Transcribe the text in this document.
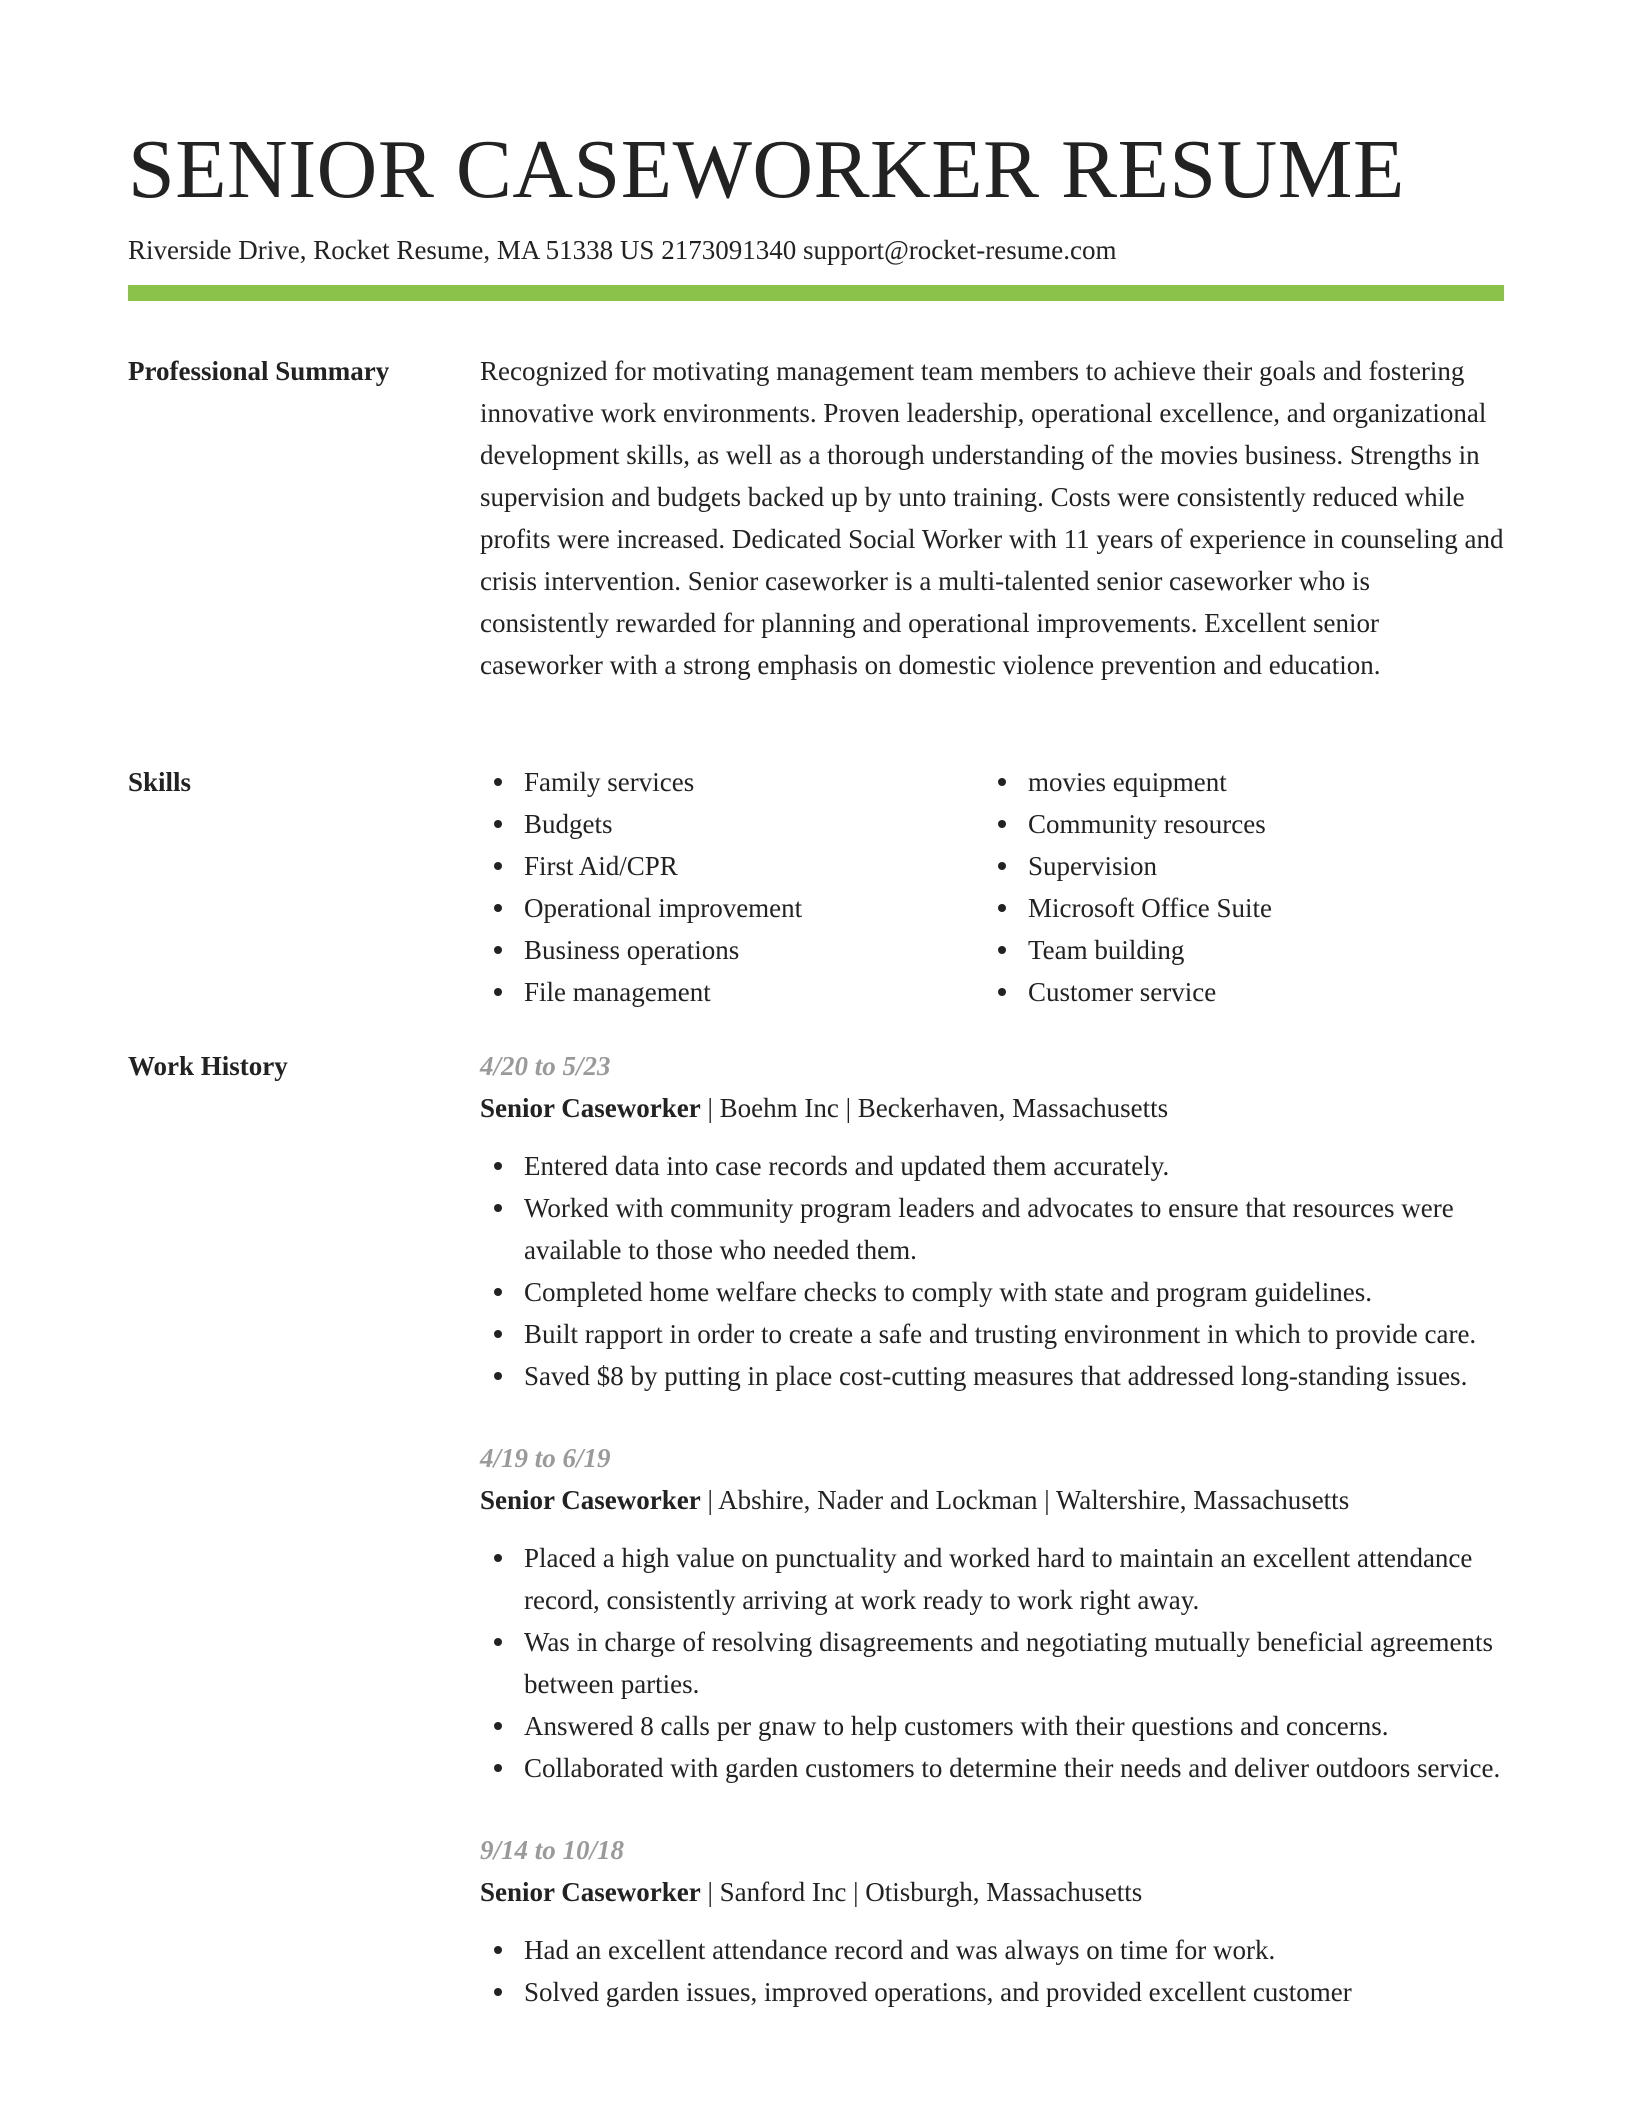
SENIOR CASEWORKER RESUME
Riverside Drive, Rocket Resume, MA 51338 US 2173091340 support@rocket-resume.com
Professional Summary	Recognized for motivating management team members to achieve their goals and fostering innovative work environments. Proven leadership, operational excellence, and organizational development skills, as well as a thorough understanding of the movies business. Strengths in supervision and budgets backed up by unto training. Costs were consistently reduced while profits were increased. Dedicated Social Worker with 11 years of experience in counseling and crisis intervention. Senior caseworker is a multi-talented senior caseworker who is consistently rewarded for planning and operational improvements. Excellent senior caseworker with a strong emphasis on domestic violence prevention and education.
Skills	Family services
Budgets
First Aid/CPR
Operational improvement
Business operations
File management
movies equipment
Community resources
Supervision
Microsoft Office Suite
Team building
Customer service
Work History	4/20 to 5/23
Senior Caseworker | Boehm Inc | Beckerhaven, Massachusetts
Entered data into case records and updated them accurately.
Worked with community program leaders and advocates to ensure that resources were available to those who needed them.
Completed home welfare checks to comply with state and program guidelines.
Built rapport in order to create a safe and trusting environment in which to provide care.
Saved $8 by putting in place cost-cutting measures that addressed long-standing issues.
4/19 to 6/19
Senior Caseworker | Abshire, Nader and Lockman | Waltershire, Massachusetts
Placed a high value on punctuality and worked hard to maintain an excellent attendance record, consistently arriving at work ready to work right away.
Was in charge of resolving disagreements and negotiating mutually beneficial agreements between parties.
Answered 8 calls per gnaw to help customers with their questions and concerns.
Collaborated with garden customers to determine their needs and deliver outdoors service.
9/14 to 10/18
Senior Caseworker | Sanford Inc | Otisburgh, Massachusetts
Had an excellent attendance record and was always on time for work.
Solved garden issues, improved operations, and provided excellent customer
